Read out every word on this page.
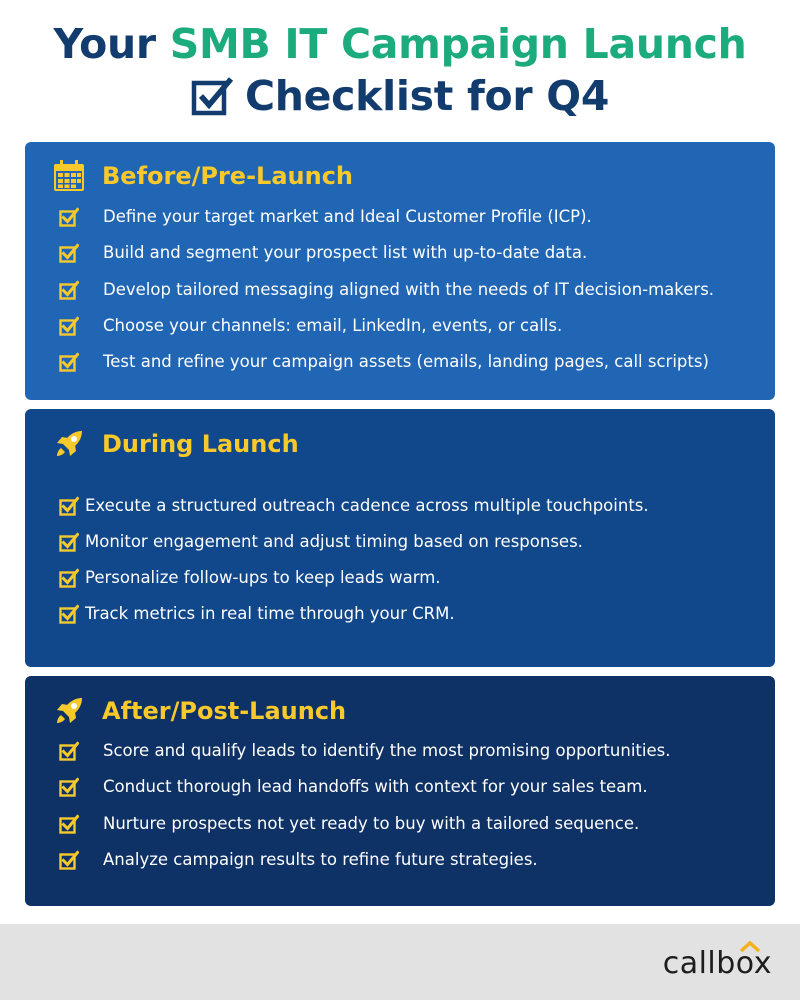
Your SMB IT Campaign Launch
Checklist for Q4
Before/Pre-Launch
Define your target market and Ideal Customer Profile (ICP).
Build and segment your prospect list with up-to-date data.
Develop tailored messaging aligned with the needs of IT decision-makers.
Choose your channels: email, LinkedIn, events, or calls.
Test and refine your campaign assets (emails, landing pages, call scripts)
During Launch
Execute a structured outreach cadence across multiple touchpoints.
Monitor engagement and adjust timing based on responses.
Personalize follow-ups to keep leads warm.
Track metrics in real time through your CRM.
After/Post-Launch
Score and qualify leads to identify the most promising opportunities.
Conduct thorough lead handoffs with context for your sales team.
Nurture prospects not yet ready to buy with a tailored sequence.
Analyze campaign results to refine future strategies.
callbox
